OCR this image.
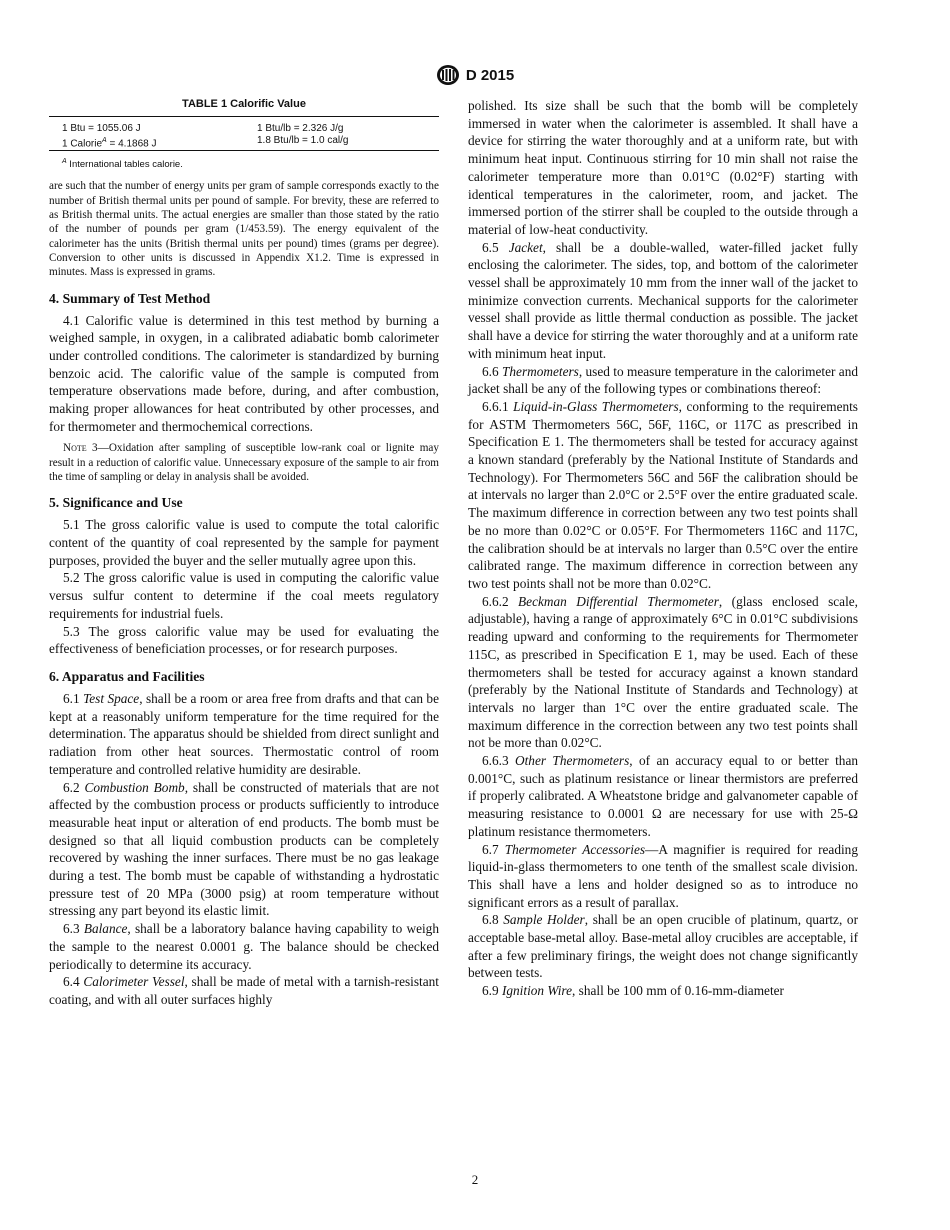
D 2015
TABLE 1 Calorific Value
1 Btu = 1055.06 J	1 Btu/lb = 2.326 J/g
1 Calorie$^A$ = 4.1868 J	1.8 Btu/lb = 1.0 cal/g
$^A$ International tables calorie.

are such that the number of energy units per gram of sample corresponds exactly to the number of British thermal units per pound of sample. For brevity, these are referred to as British thermal units. The actual energies are smaller than those stated by the ratio of the number of pounds per gram (1/453.59). The energy equivalent of the calorimeter has the units (British thermal units per pound) times (grams per degree). Conversion to other units is discussed in Appendix X1.2. Time is expressed in minutes. Mass is expressed in grams.

4. Summary of Test Method

4.1 Calorific value is determined in this test method by burning a weighed sample, in oxygen, in a calibrated adiabatic bomb calorimeter under controlled conditions. The calorimeter is standardized by burning benzoic acid. The calorific value of the sample is computed from temperature observations made before, during, and after combustion, making proper allowances for heat contributed by other processes, and for thermometer and thermochemical corrections.

Note 3—Oxidation after sampling of susceptible low-rank coal or lignite may result in a reduction of calorific value. Unnecessary exposure of the sample to air from the time of sampling or delay in analysis shall be avoided.

5. Significance and Use

5.1 The gross calorific value is used to compute the total calorific content of the quantity of coal represented by the sample for payment purposes, provided the buyer and the seller mutually agree upon this.

5.2 The gross calorific value is used in computing the calorific value versus sulfur content to determine if the coal meets regulatory requirements for industrial fuels.

5.3 The gross calorific value may be used for evaluating the effectiveness of beneficiation processes, or for research purposes.

6. Apparatus and Facilities

6.1 Test Space, shall be a room or area free from drafts and that can be kept at a reasonably uniform temperature for the time required for the determination. The apparatus should be shielded from direct sunlight and radiation from other heat sources. Thermostatic control of room temperature and controlled relative humidity are desirable.

6.2 Combustion Bomb, shall be constructed of materials that are not affected by the combustion process or products sufficiently to introduce measurable heat input or alteration of end products. The bomb must be designed so that all liquid combustion products can be completely recovered by washing the inner surfaces. There must be no gas leakage during a test. The bomb must be capable of withstanding a hydrostatic pressure test of 20 MPa (3000 psig) at room temperature without stressing any part beyond its elastic limit.

6.3 Balance, shall be a laboratory balance having capability to weigh the sample to the nearest 0.0001 g. The balance should be checked periodically to determine its accuracy.

6.4 Calorimeter Vessel, shall be made of metal with a tarnish-resistant coating, and with all outer surfaces highly

polished. Its size shall be such that the bomb will be completely immersed in water when the calorimeter is assembled. It shall have a device for stirring the water thoroughly and at a uniform rate, but with minimum heat input. Continuous stirring for 10 min shall not raise the calorimeter temperature more than 0.01°C (0.02°F) starting with identical temperatures in the calorimeter, room, and jacket. The immersed portion of the stirrer shall be coupled to the outside through a material of low-heat conductivity.

6.5 Jacket, shall be a double-walled, water-filled jacket fully enclosing the calorimeter. The sides, top, and bottom of the calorimeter vessel shall be approximately 10 mm from the inner wall of the jacket to minimize convection currents. Mechanical supports for the calorimeter vessel shall provide as little thermal conduction as possible. The jacket shall have a device for stirring the water thoroughly and at a uniform rate with minimum heat input.

6.6 Thermometers, used to measure temperature in the calorimeter and jacket shall be any of the following types or combinations thereof:

6.6.1 Liquid-in-Glass Thermometers, conforming to the requirements for ASTM Thermometers 56C, 56F, 116C, or 117C as prescribed in Specification E 1. The thermometers shall be tested for accuracy against a known standard (preferably by the National Institute of Standards and Technology). For Thermometers 56C and 56F the calibration should be at intervals no larger than 2.0°C or 2.5°F over the entire graduated scale. The maximum difference in correction between any two test points shall be no more than 0.02°C or 0.05°F. For Thermometers 116C and 117C, the calibration should be at intervals no larger than 0.5°C over the entire calibrated range. The maximum difference in correction between any two test points shall not be more than 0.02°C.

6.6.2 Beckman Differential Thermometer, (glass enclosed scale, adjustable), having a range of approximately 6°C in 0.01°C subdivisions reading upward and conforming to the requirements for Thermometer 115C, as prescribed in Specification E 1, may be used. Each of these thermometers shall be tested for accuracy against a known standard (preferably by the National Institute of Standards and Technology) at intervals no larger than 1°C over the entire graduated scale. The maximum difference in the correction between any two test points shall not be more than 0.02°C.

6.6.3 Other Thermometers, of an accuracy equal to or better than 0.001°C, such as platinum resistance or linear thermistors are preferred if properly calibrated. A Wheatstone bridge and galvanometer capable of measuring resistance to 0.0001 Ω are necessary for use with 25-Ω platinum resistance thermometers.

6.7 Thermometer Accessories—A magnifier is required for reading liquid-in-glass thermometers to one tenth of the smallest scale division. This shall have a lens and holder designed so as to introduce no significant errors as a result of parallax.

6.8 Sample Holder, shall be an open crucible of platinum, quartz, or acceptable base-metal alloy. Base-metal alloy crucibles are acceptable, if after a few preliminary firings, the weight does not change significantly between tests.

6.9 Ignition Wire, shall be 100 mm of 0.16-mm-diameter

2
